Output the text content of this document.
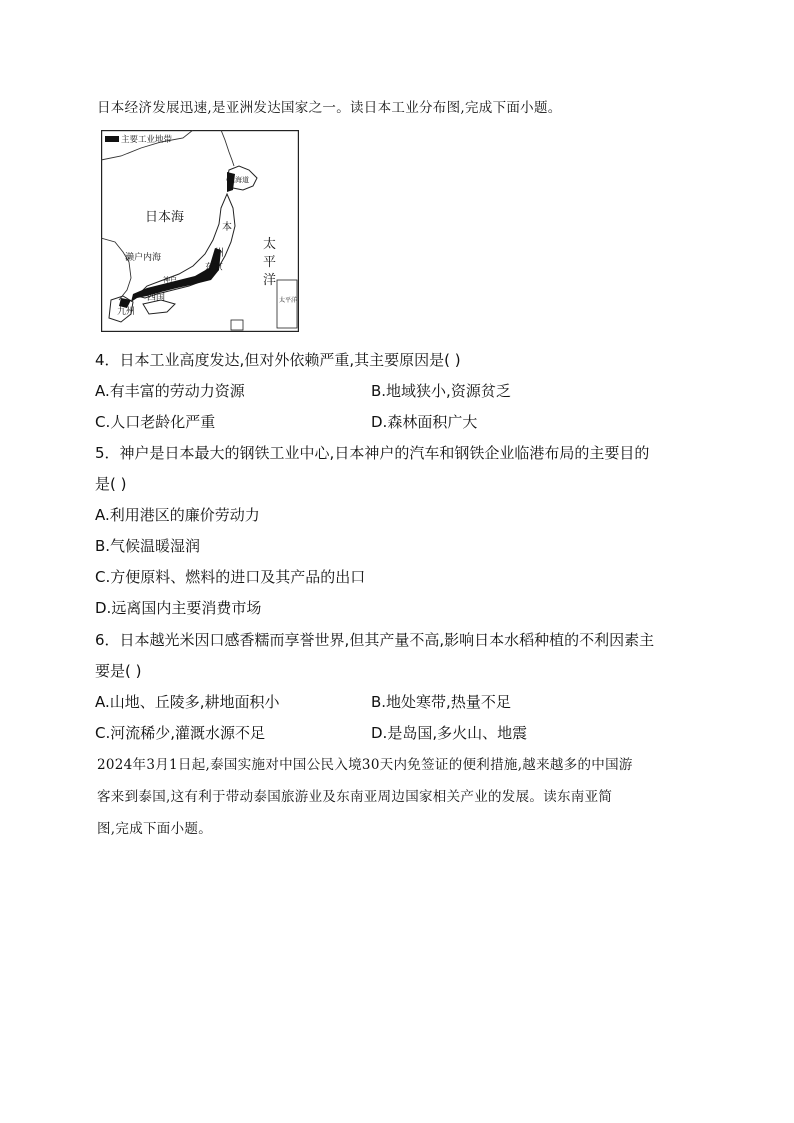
日本经济发展迅速,是亚洲发达国家之一。读日本工业分布图,完成下面小题。
主要工业地带
日本海
北海道
本
州
东京
濑户内海
神户
四国
九州
太 平洋
太平洋
4．日本工业高度发达,但对外依赖严重,其主要原因是( )
A.有丰富的劳动力资源	B.地域狭小,资源贫乏
C.人口老龄化严重	D.森林面积广大
5．神户是日本最大的钢铁工业中心,日本神户的汽车和钢铁企业临港布局的主要目的
是( )
A.利用港区的廉价劳动力
B.气候温暖湿润
C.方便原料、燃料的进口及其产品的出口
D.远离国内主要消费市场
6．日本越光米因口感香糯而享誉世界,但其产量不高,影响日本水稻种植的不利因素主
要是( )
A.山地、丘陵多,耕地面积小	B.地处寒带,热量不足
C.河流稀少,灌溉水源不足	D.是岛国,多火山、地震
2024年3月1日起,泰国实施对中国公民入境30天内免签证的便利措施,越来越多的中国游
客来到泰国,这有利于带动泰国旅游业及东南亚周边国家相关产业的发展。读东南亚简
图,完成下面小题。
